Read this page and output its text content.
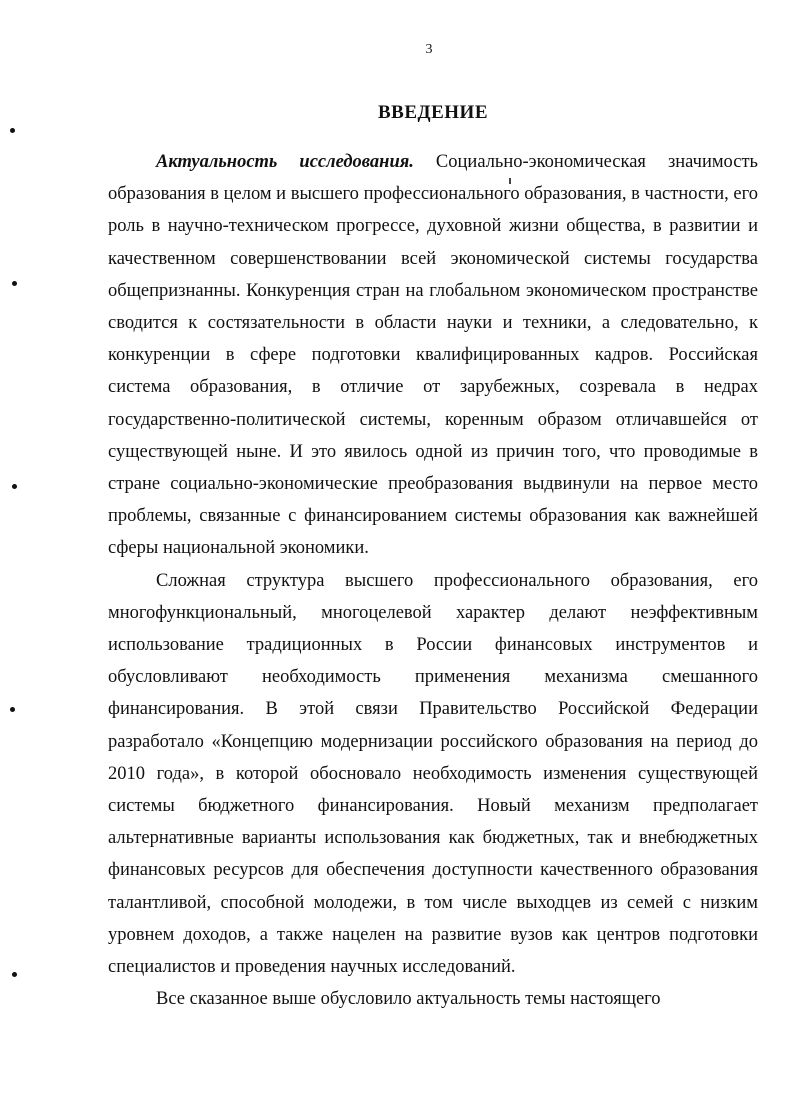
3
ВВЕДЕНИЕ

Актуальность исследования. Социально-экономическая значимость образования в целом и высшего профессионального образования, в частности, его роль в научно-техническом прогрессе, духовной жизни общества, в развитии и качественном совершенствовании всей экономической системы государства общепризнанны. Конкуренция стран на глобальном экономическом пространстве сводится к состязательности в области науки и техники, а следовательно, к конкуренции в сфере подготовки квалифицированных кадров. Российская система образования, в отличие от зарубежных, созревала в недрах государственно-политической системы, коренным образом отличавшейся от существующей ныне. И это явилось одной из причин того, что проводимые в стране социально-экономические преобразования выдвинули на первое место проблемы, связанные с финансированием системы образования как важнейшей сферы национальной экономики.

Сложная структура высшего профессионального образования, его многофункциональный, многоцелевой характер делают неэффективным использование традиционных в России финансовых инструментов и обусловливают необходимость применения механизма смешанного финансирования. В этой связи Правительство Российской Федерации разработало «Концепцию модернизации российского образования на период до 2010 года», в которой обосновало необходимость изменения существующей системы бюджетного финансирования. Новый механизм предполагает альтернативные варианты использования как бюджетных, так и внебюджетных финансовых ресурсов для обеспечения доступности качественного образования талантливой, способной молодежи, в том числе выходцев из семей с низким уровнем доходов, а также нацелен на развитие вузов как центров подготовки специалистов и проведения научных исследований.

Все сказанное выше обусловило актуальность темы настоящего
